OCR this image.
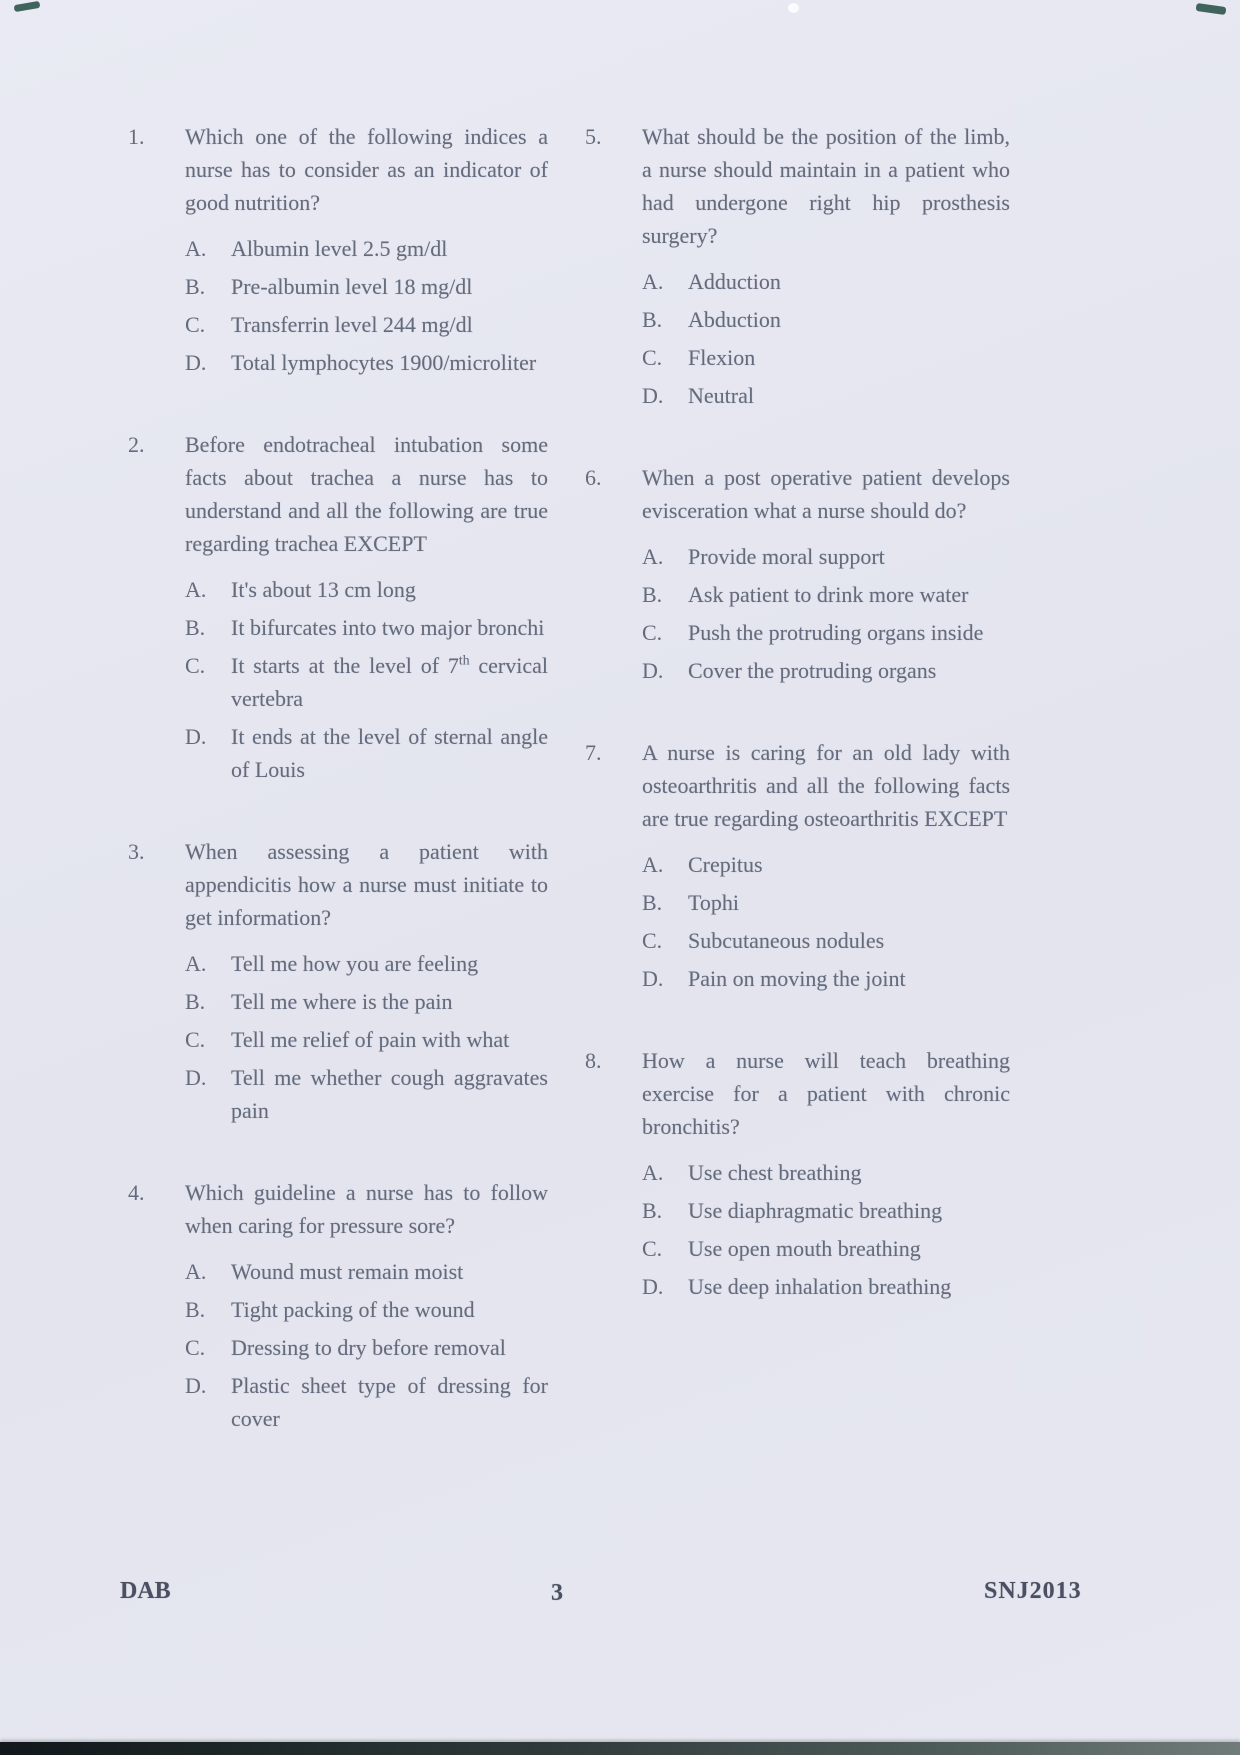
1.	Which one of the following indices a nurse has to consider as an indicator of good nutrition?
A.	Albumin level 2.5 gm/dl
B.	Pre-albumin level 18 mg/dl
C.	Transferrin level 244 mg/dl
D.	Total lymphocytes 1900/microliter
2.	Before endotracheal intubation some facts about trachea a nurse has to understand and all the following are true regarding trachea EXCEPT
A.	It's about 13 cm long
B.	It bifurcates into two major bronchi
C.	It starts at the level of 7th cervical vertebra
D.	It ends at the level of sternal angle of Louis
3.	When assessing a patient with appendicitis how a nurse must initiate to get information?
A.	Tell me how you are feeling
B.	Tell me where is the pain
C.	Tell me relief of pain with what
D.	Tell me whether cough aggravates pain
4.	Which guideline a nurse has to follow when caring for pressure sore?
A.	Wound must remain moist
B.	Tight packing of the wound
C.	Dressing to dry before removal
D.	Plastic sheet type of dressing for cover
5.	What should be the position of the limb, a nurse should maintain in a patient who had undergone right hip prosthesis surgery?
A.	Adduction
B.	Abduction
C.	Flexion
D.	Neutral
6.	When a post operative patient develops evisceration what a nurse should do?
A.	Provide moral support
B.	Ask patient to drink more water
C.	Push the protruding organs inside
D.	Cover the protruding organs
7.	A nurse is caring for an old lady with osteoarthritis and all the following facts are true regarding osteoarthritis EXCEPT
A.	Crepitus
B.	Tophi
C.	Subcutaneous nodules
D.	Pain on moving the joint
8.	How a nurse will teach breathing exercise for a patient with chronic bronchitis?
A.	Use chest breathing
B.	Use diaphragmatic breathing
C.	Use open mouth breathing
D.	Use deep inhalation breathing
DAB	3	SNJ2013
